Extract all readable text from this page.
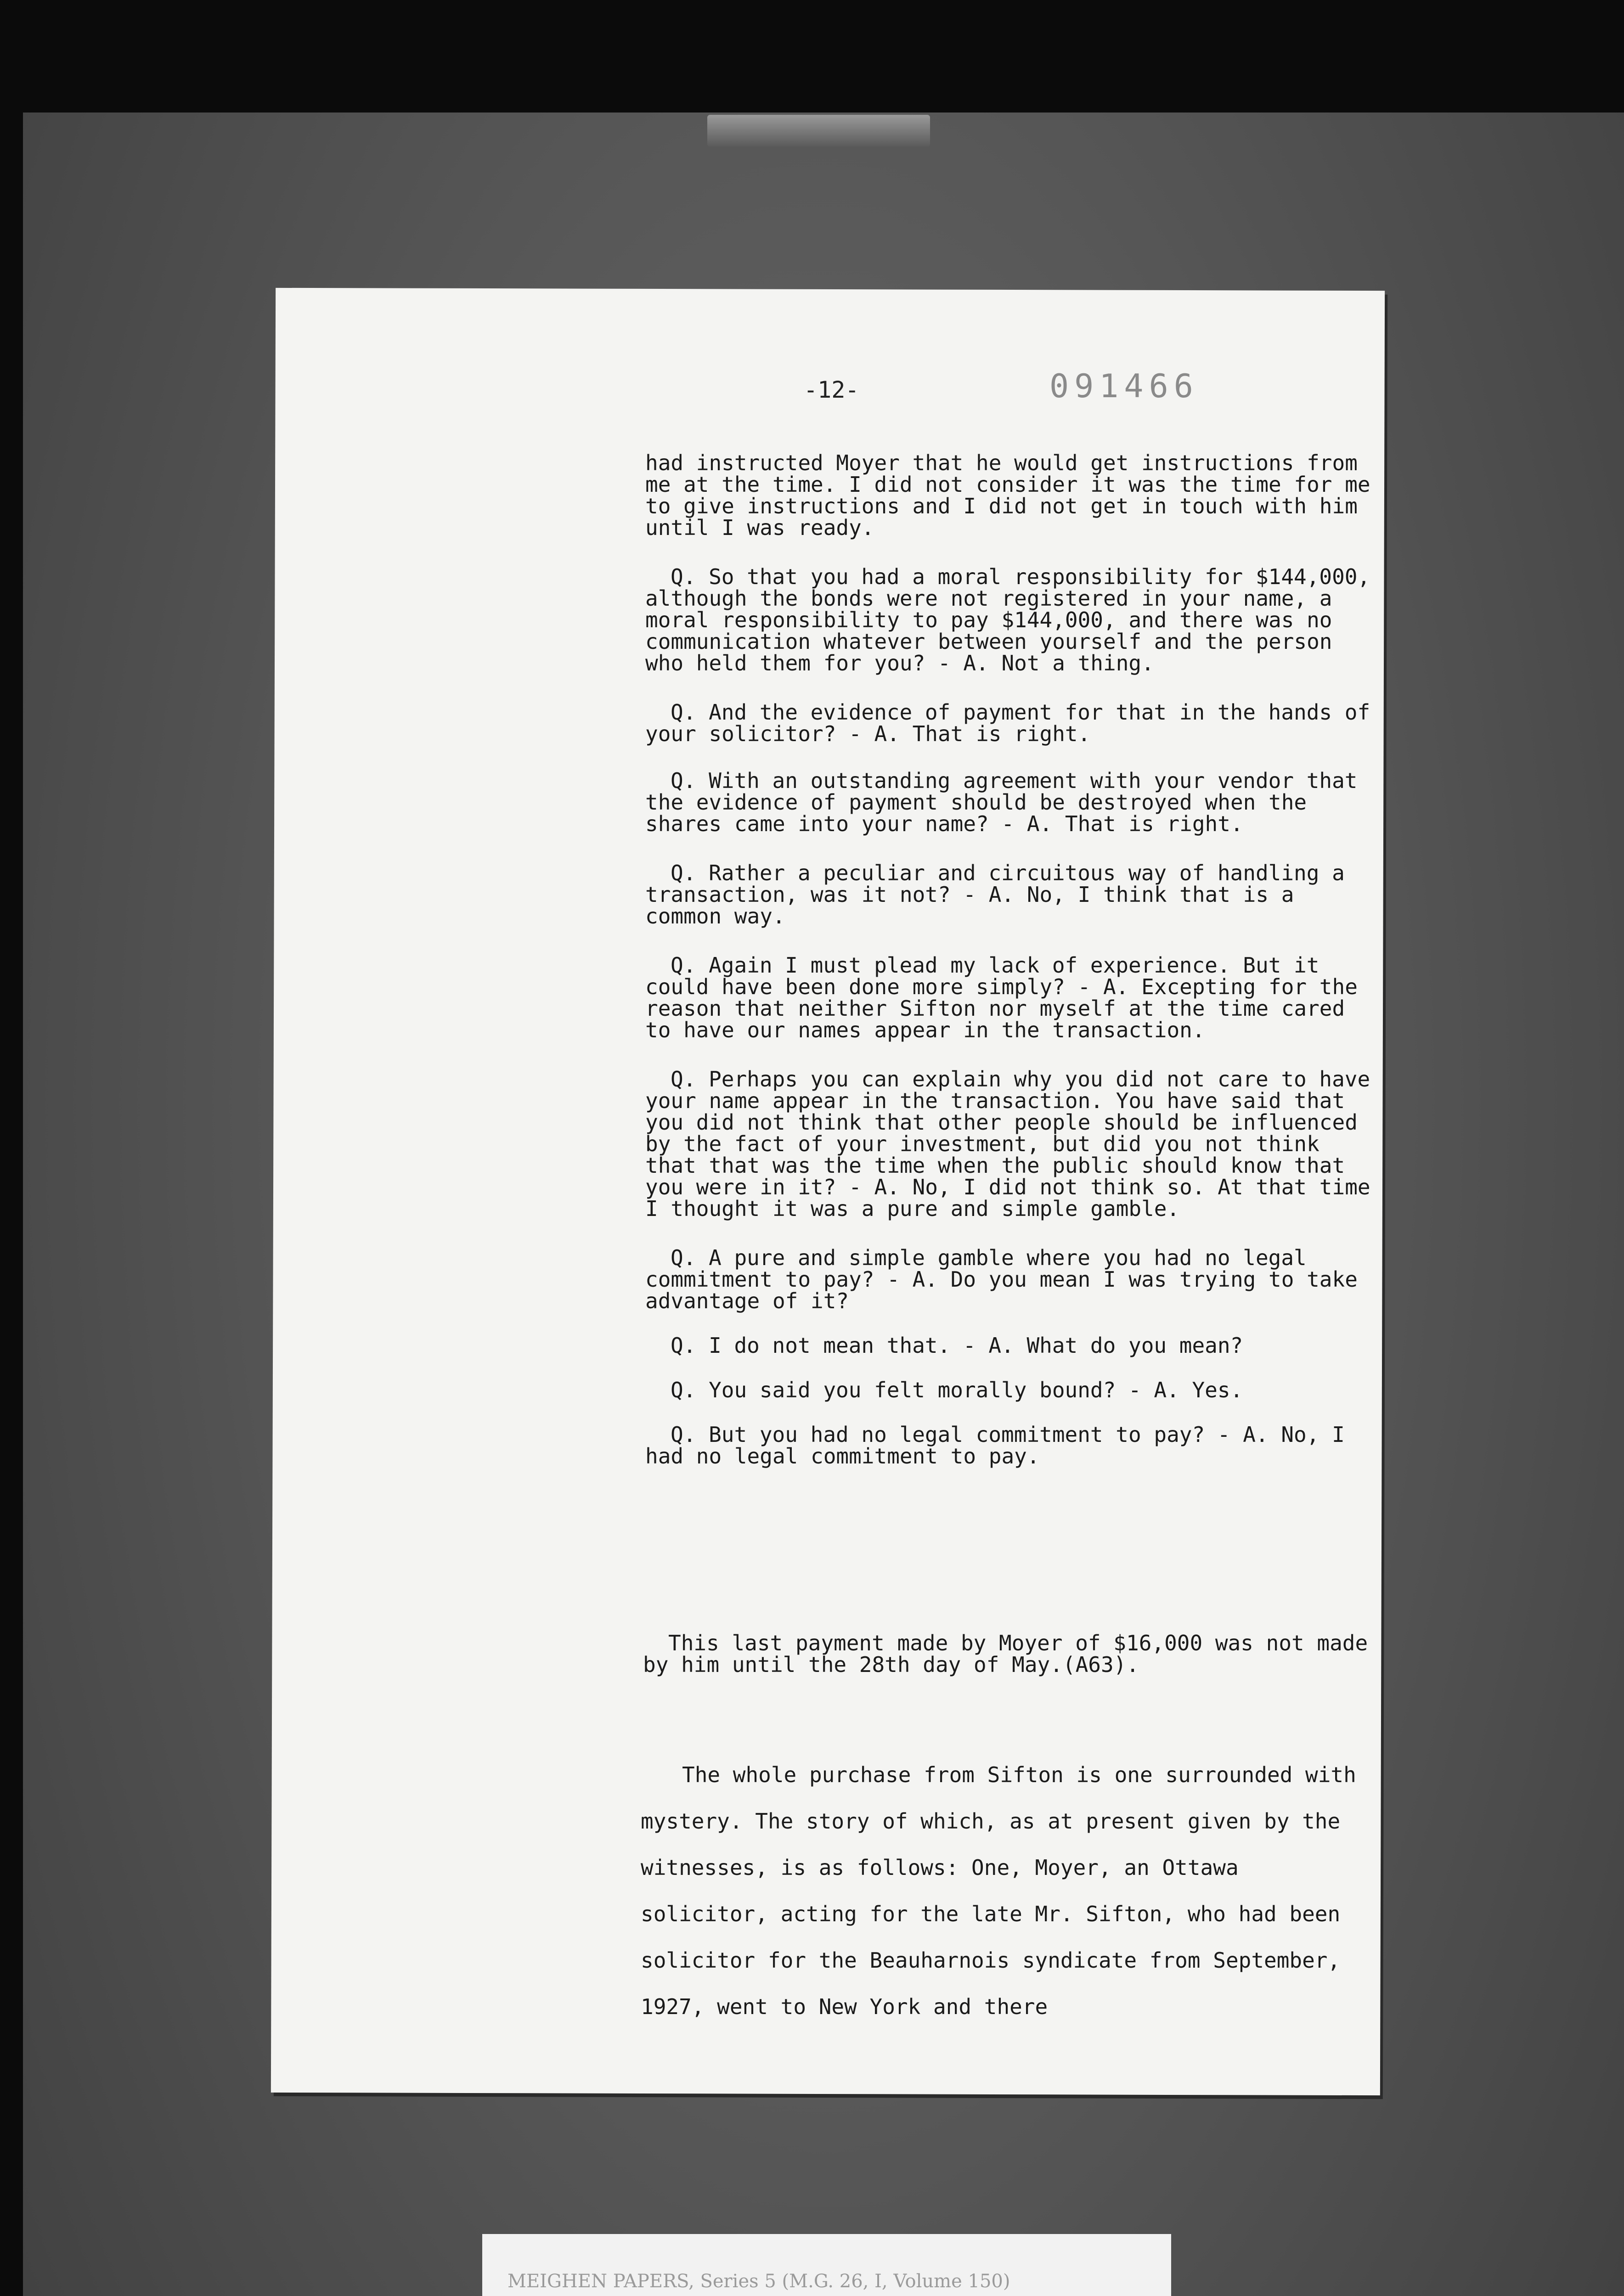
-12-	091466

had instructed Moyer that he would get instructions from me at the time. I did not consider it was the time for me to give instructions and I did not get in touch with him until I was ready.

Q. So that you had a moral responsibility for $144,000, although the bonds were not registered in your name, a moral responsibility to pay $144,000, and there was no communication whatever between yourself and the person who held them for you? - A. Not a thing.

Q. And the evidence of payment for that in the hands of your solicitor? - A. That is right.

Q. With an outstanding agreement with your vendor that the evidence of payment should be destroyed when the shares came into your name? - A. That is right.

Q. Rather a peculiar and circuitous way of handling a transaction, was it not? - A. No, I think that is a common way.

Q. Again I must plead my lack of experience. But it could have been done more simply? - A. Excepting for the reason that neither Sifton nor myself at the time cared to have our names appear in the transaction.

Q. Perhaps you can explain why you did not care to have your name appear in the transaction. You have said that you did not think that other people should be influenced by the fact of your investment, but did you not think that that was the time when the public should know that you were in it? - A. No, I did not think so. At that time I thought it was a pure and simple gamble.

Q. A pure and simple gamble where you had no legal commitment to pay? - A. Do you mean I was trying to take advantage of it?

Q. I do not mean that. - A. What do you mean?

Q. You said you felt morally bound? - A. Yes.

Q. But you had no legal commitment to pay? - A. No, I had no legal commitment to pay.

This last payment made by Moyer of $16,000 was not made by him until the 28th day of May.(A63).

The whole purchase from Sifton is one surrounded with mystery. The story of which, as at present given by the witnesses, is as follows: One, Moyer, an Ottawa solicitor, acting for the late Mr. Sifton, who had been solicitor for the Beauharnois syndicate from September, 1927, went to New York and there

MEIGHEN PAPERS, Series 5 (M.G. 26, I, Volume 150)
